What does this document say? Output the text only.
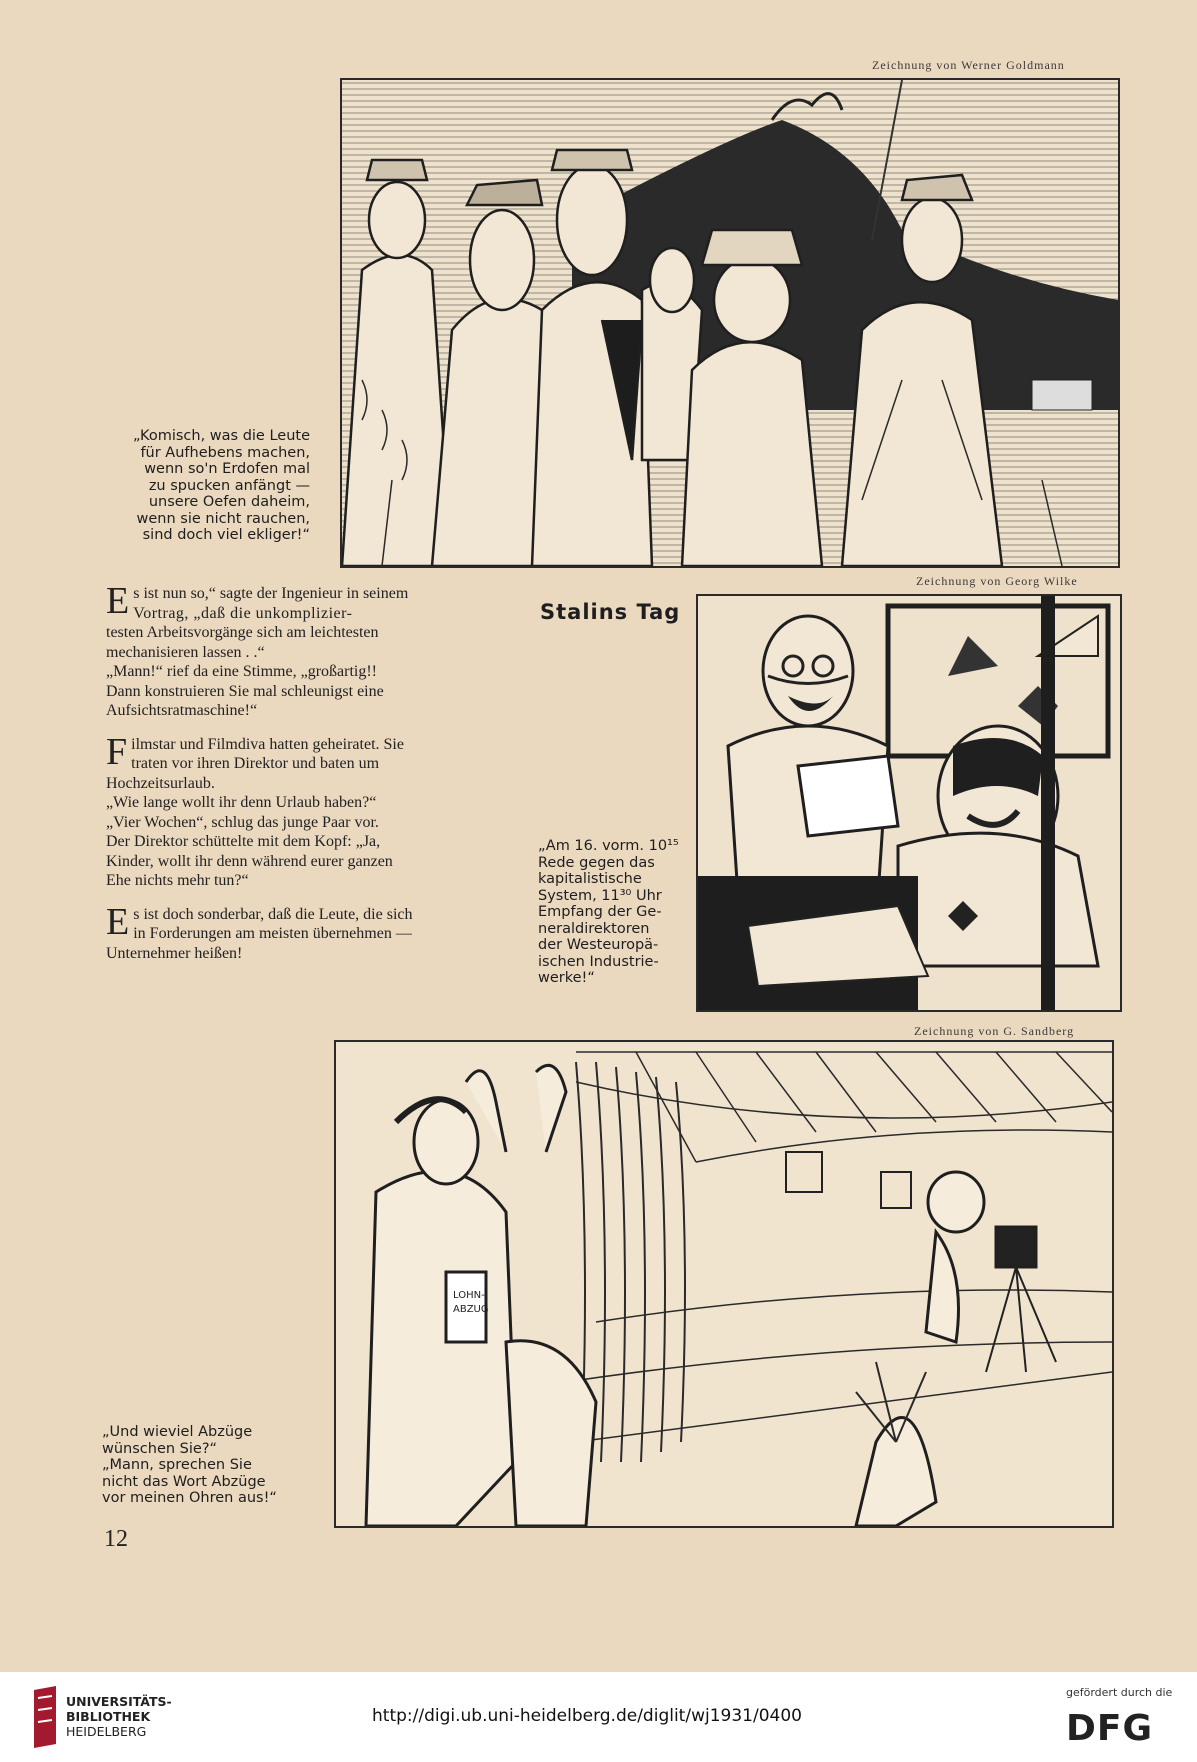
Zeichnung von Werner Goldmann
„Komisch, was die Leute
für Aufhebens machen,
wenn so'n Erdofen mal
zu spucken anfängt —
unsere Oefen daheim,
wenn sie nicht rauchen,
sind doch viel ekliger!“
Zeichnung von Georg Wilke

E s ist nun so,“ sagte der Ingenieur in seinem
Vortrag, „daß die unkomplizier-
testen Arbeitsvorgänge sich am leichtesten
mechanisieren lassen . .“
„Mann!“ rief da eine Stimme, „großartig!!
Dann konstruieren Sie mal schleunigst eine
Aufsichtsratmaschine!“

F ilmstar und Filmdiva hatten geheiratet. Sie
traten vor ihren Direktor und baten um
Hochzeitsurlaub.
„Wie lange wollt ihr denn Urlaub haben?“
„Vier Wochen“, schlug das junge Paar vor.
Der Direktor schüttelte mit dem Kopf: „Ja,
Kinder, wollt ihr denn während eurer ganzen
Ehe nichts mehr tun?“

E s ist doch sonderbar, daß die Leute, die sich
in Forderungen am meisten übernehmen —
Unternehmer heißen!

Stalins Tag
„Am 16. vorm. 10¹⁵
Rede gegen das
kapitalistische
System, 11³⁰ Uhr
Empfang der Ge-
neraldirektoren
der Westeuropä-
ischen Industrie-
werke!“
Zeichnung von G. Sandberg
LOHN-
ABZUG
„Und wieviel Abzüge
wünschen Sie?“
„Mann, sprechen Sie
nicht das Wort Abzüge
vor meinen Ohren aus!“
12
UNIVERSITÄTS-
BIBLIOTHEK
HEIDELBERG
http://digi.ub.uni-heidelberg.de/diglit/wj1931/0400
gefördert durch die
DFG
